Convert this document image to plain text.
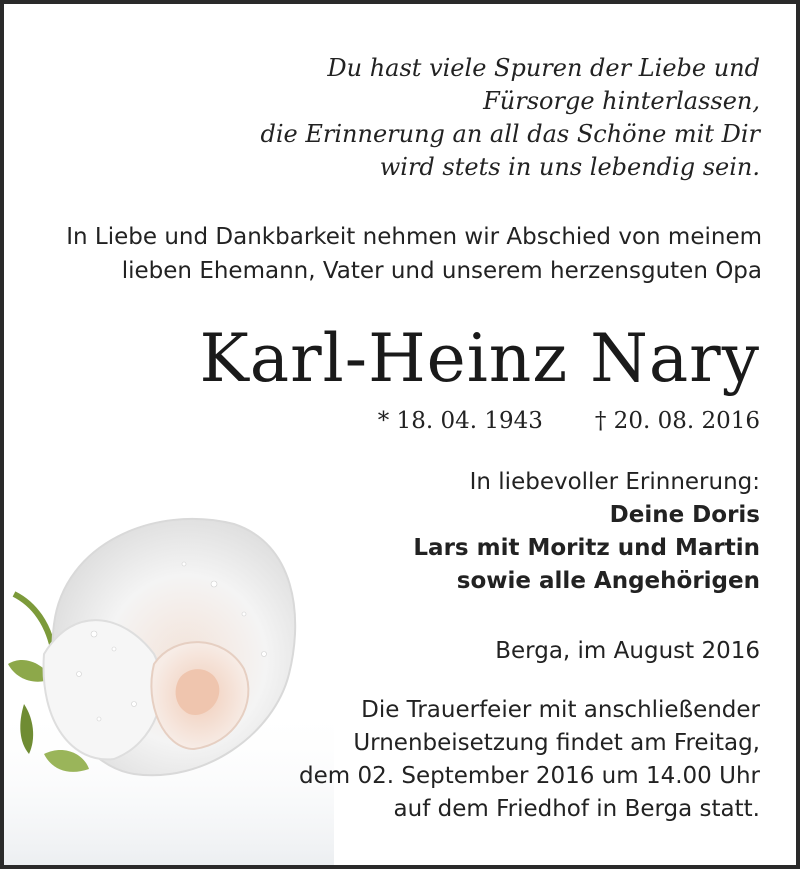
Du hast viele Spuren der Liebe und
Fürsorge hinterlassen,
die Erinnerung an all das Schöne mit Dir
wird stets in uns lebendig sein.
In Liebe und Dankbarkeit nehmen wir Abschied von meinem
lieben Ehemann, Vater und unserem herzensguten Opa
Karl-Heinz Nary
* 18. 04. 1943 † 20. 08. 2016
In liebevoller Erinnerung:
Deine Doris
Lars mit Moritz und Martin
sowie alle Angehörigen
Berga, im August 2016
Die Trauerfeier mit anschließender
Urnenbeisetzung findet am Freitag,
dem 02. September 2016 um 14.00 Uhr
auf dem Friedhof in Berga statt.
